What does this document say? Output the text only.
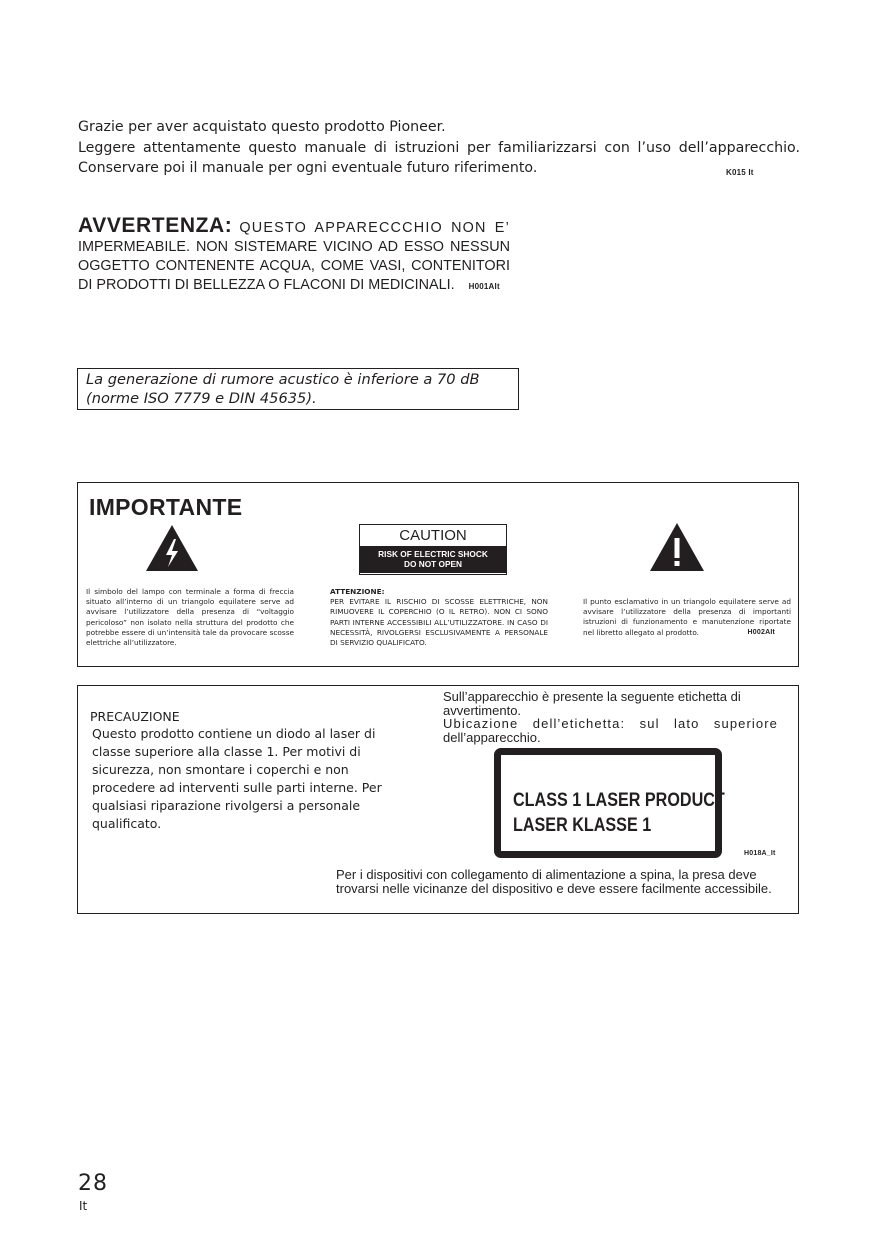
Grazie per aver acquistato questo prodotto Pioneer.
Leggere attentamente questo manuale di istruzioni per familiarizzarsi con l’uso dell’apparecchio.
Conservare poi il manuale per ogni eventuale futuro riferimento.	K015 It
AVVERTENZA: QUESTO APPARECCCHIO NON E’
IMPERMEABILE. NON SISTEMARE VICINO AD ESSO NESSUN
OGGETTO CONTENENTE ACQUA, COME VASI, CONTENITORI
DI PRODOTTI DI BELLEZZA O FLACONI DI MEDICINALI. H001AIt
La generazione di rumore acustico è inferiore a 70 dB
(norme ISO 7779 e DIN 45635).
IMPORTANTE
CAUTION
RISK OF ELECTRIC SHOCK
DO NOT OPEN
Il simbolo del lampo con terminale a forma di freccia situato all’interno di un triangolo equilatere serve ad avvisare l’utilizzatore della presenza di “voltaggio pericoloso” non isolato nella struttura del prodotto che potrebbe essere di un’intensità tale da provocare scosse elettriche all’utilizzatore.
ATTENZIONE:
PER EVITARE IL RISCHIO DI SCOSSE ELETTRICHE, NON RIMUOVERE IL COPERCHIO (O IL RETRO). NON CI SONO PARTI INTERNE ACCESSIBILI ALL’UTILIZZATORE. IN CASO DI NECESSITÀ, RIVOLGERSI ESCLUSIVAMENTE A PERSONALE DI SERVIZIO QUALIFICATO.
Il punto esclamativo in un triangolo equilatere serve ad avvisare l’utilizzatore della presenza di importanti istruzioni di funzionamento e manutenzione riportate nel libretto allegato al prodotto.	H002AIt
PRECAUZIONE
Questo prodotto contiene un diodo al laser di classe superiore alla classe 1. Per motivi di sicurezza, non smontare i coperchi e non procedere ad interventi sulle parti interne. Per qualsiasi riparazione rivolgersi a personale qualificato.
Sull’apparecchio è presente la seguente etichetta di avvertimento.
Ubicazione dell’etichetta: sul lato superiore
dell’apparecchio.
CLASS 1 LASER PRODUCT
LASER KLASSE 1
H018A_It
Per i dispositivi con collegamento di alimentazione a spina, la presa deve trovarsi nelle vicinanze del dispositivo e deve essere facilmente accessibile.
28
It
